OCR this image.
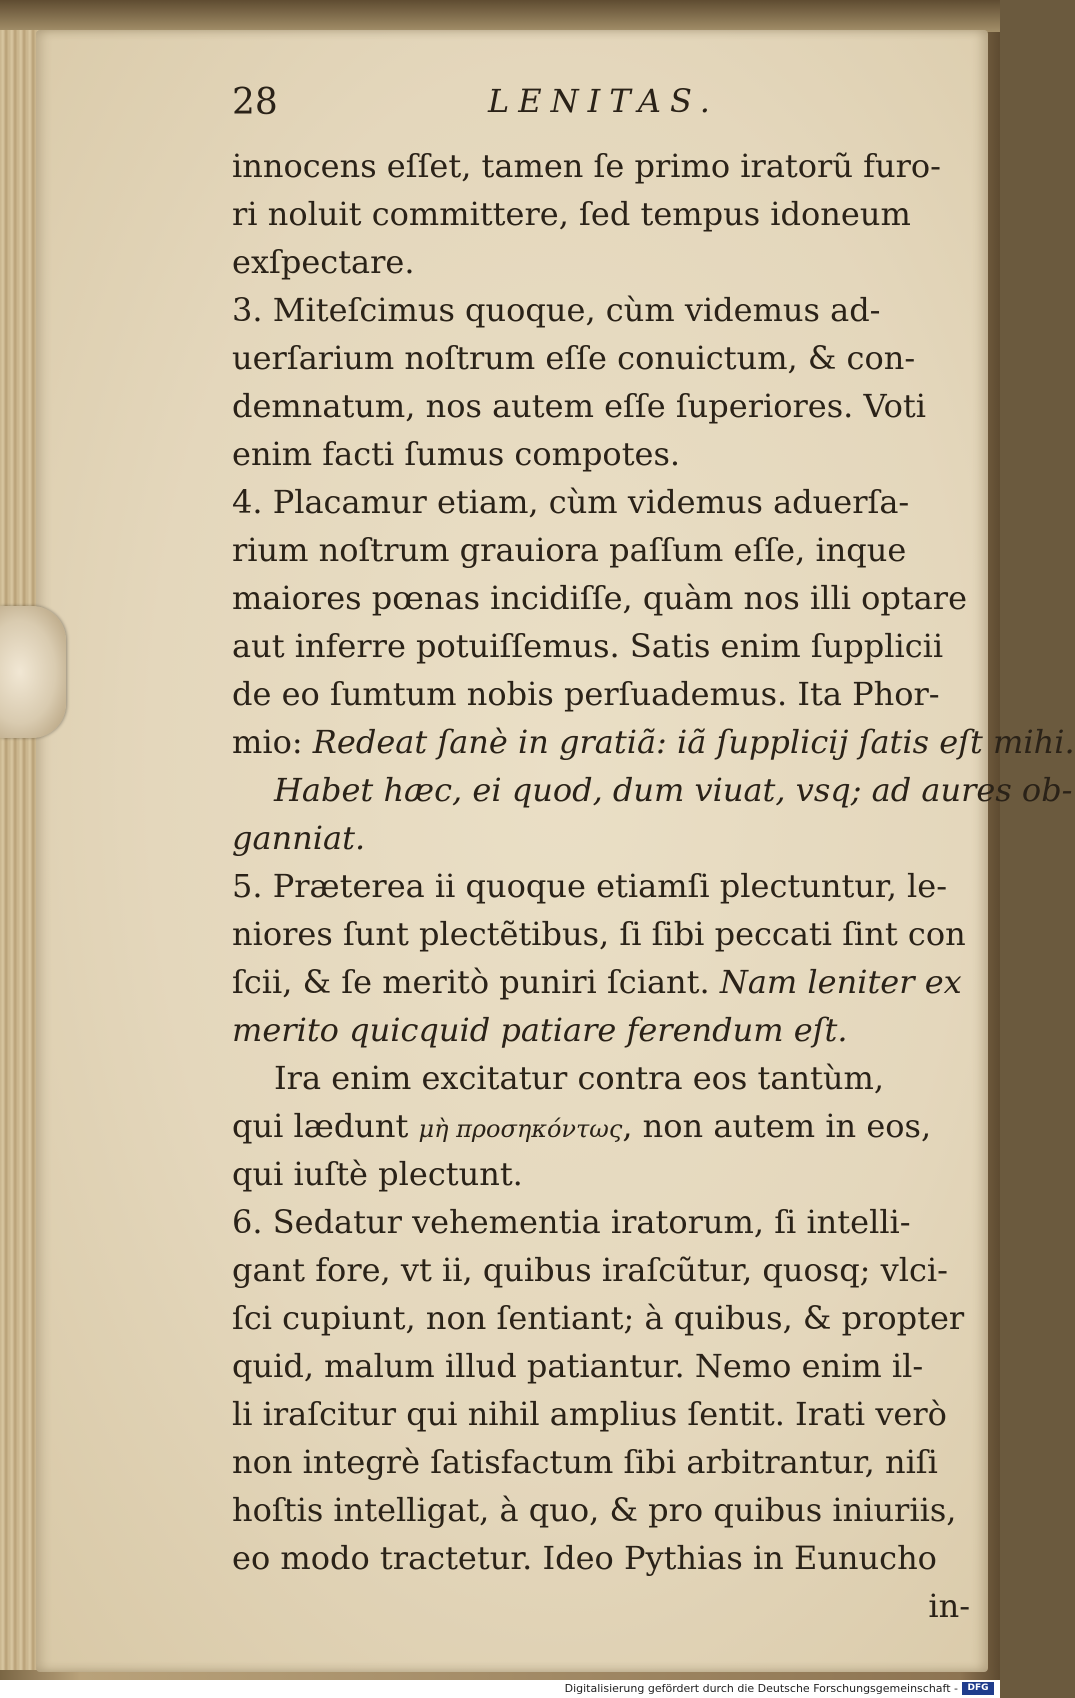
28	LENITAS.
innocens eſſet, tamen ſe primo iratorũ furo-
ri noluit committere, ſed tempus idoneum
exſpectare.
3. Miteſcimus quoque, cùm videmus ad-
uerſarium noſtrum eſſe conuictum, & con-
demnatum, nos autem eſſe ſuperiores. Voti
enim facti ſumus compotes.
4. Placamur etiam, cùm videmus aduerſa-
rium noſtrum grauiora paſſum eſſe, inque
maiores pœnas incidiſſe, quàm nos illi optare
aut inferre potuiſſemus. Satis enim ſupplicii
de eo ſumtum nobis perſuademus. Ita Phor-
mio: Redeat ſanè in gratiã: iã ſupplicij ſatis eſt mihi.
Habet hæc, ei quod, dum viuat, vsq; ad aures ob-
ganniat.
5. Præterea ii quoque etiamſi plectuntur, le-
niores ſunt plectẽtibus, ſi ſibi peccati ſint con
ſcii, & ſe meritò puniri ſciant. Nam leniter ex
merito quicquid patiare ferendum eſt.
Ira enim excitatur contra eos tantùm,
qui lædunt μὴ προσηκόντως, non autem in eos,
qui iuſtè plectunt.
6. Sedatur vehementia iratorum, ſi intelli-
gant fore, vt ii, quibus iraſcũtur, quosq; vlci-
ſci cupiunt, non ſentiant; à quibus, & propter
quid, malum illud patiantur. Nemo enim il-
li iraſcitur qui nihil amplius ſentit. Irati verò
non integrè ſatisfactum ſibi arbitrantur, niſi
hoſtis intelligat, à quo, & pro quibus iniuriis,
eo modo tractetur. Ideo Pythias in Eunucho
in-
Digitalisierung gefördert durch die Deutsche Forschungsgemeinschaft -	DFG
